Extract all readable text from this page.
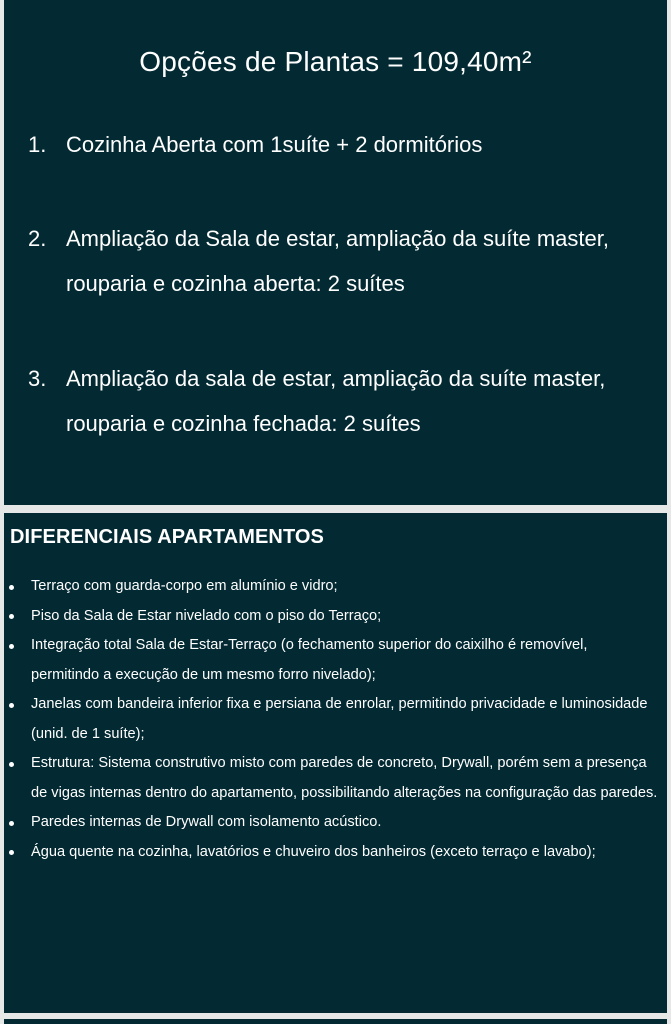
Opções de Plantas = 109,40m²
1. Cozinha Aberta com 1suíte + 2 dormitórios
2. Ampliação da Sala de estar, ampliação da suíte master, rouparia e cozinha aberta: 2 suítes
3. Ampliação da sala de estar, ampliação da suíte master, rouparia e cozinha fechada: 2 suítes
DIFERENCIAIS APARTAMENTOS
Terraço com guarda-corpo em alumínio e vidro;
Piso da Sala de Estar nivelado com o piso do Terraço;
Integração total Sala de Estar-Terraço (o fechamento superior do caixilho é removível, permitindo a execução de um mesmo forro nivelado);
Janelas com bandeira inferior fixa e persiana de enrolar, permitindo privacidade e luminosidade (unid. de 1 suíte);
Estrutura: Sistema construtivo misto com paredes de concreto, Drywall, porém sem a presença de vigas internas dentro do apartamento, possibilitando alterações na configuração das paredes.
Paredes internas de Drywall com isolamento acústico.
Água quente na cozinha, lavatórios e chuveiro dos banheiros (exceto terraço e lavabo);
